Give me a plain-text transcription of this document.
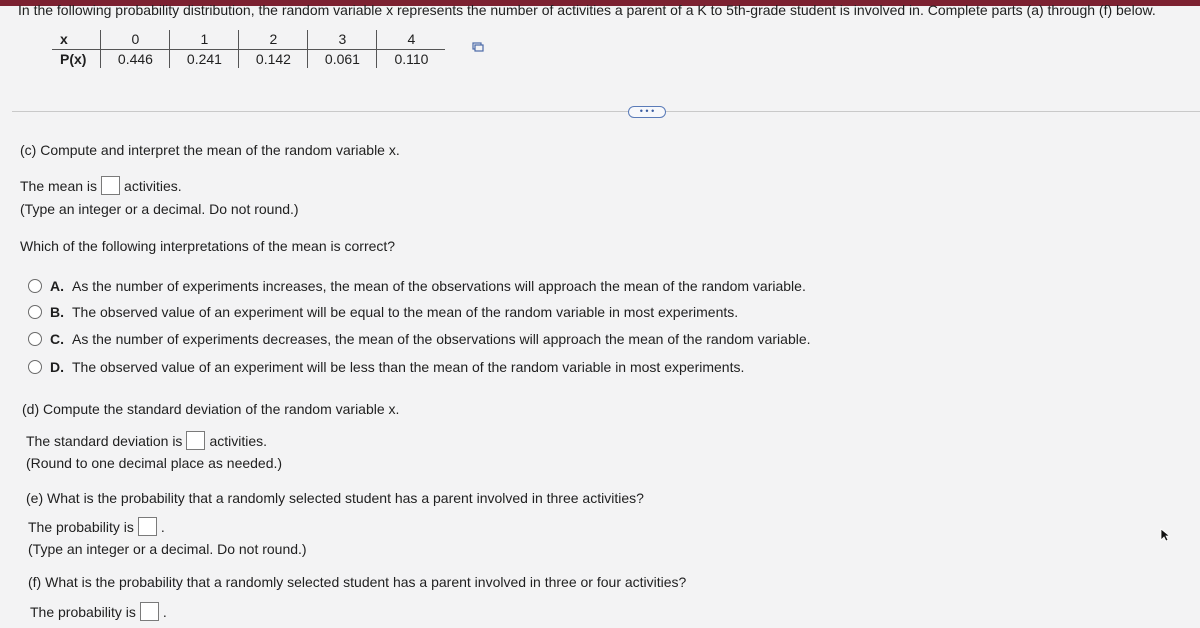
In the following probability distribution, the random variable x represents the number of activities a parent of a K to 5th-grade student is involved in. Complete parts (a) through (f) below.
x	0	1	2	3	4
P(x)	0.446	0.241	0.142	0.061	0.110
• • •
(c) Compute and interpret the mean of the random variable x.
The mean is activities.
(Type an integer or a decimal. Do not round.)
Which of the following interpretations of the mean is correct?
A. As the number of experiments increases, the mean of the observations will approach the mean of the random variable.
B. The observed value of an experiment will be equal to the mean of the random variable in most experiments.
C. As the number of experiments decreases, the mean of the observations will approach the mean of the random variable.
D. The observed value of an experiment will be less than the mean of the random variable in most experiments.
(d) Compute the standard deviation of the random variable x.
The standard deviation is activities.
(Round to one decimal place as needed.)
(e) What is the probability that a randomly selected student has a parent involved in three activities?
The probability is .
(Type an integer or a decimal. Do not round.)
(f) What is the probability that a randomly selected student has a parent involved in three or four activities?
The probability is .
